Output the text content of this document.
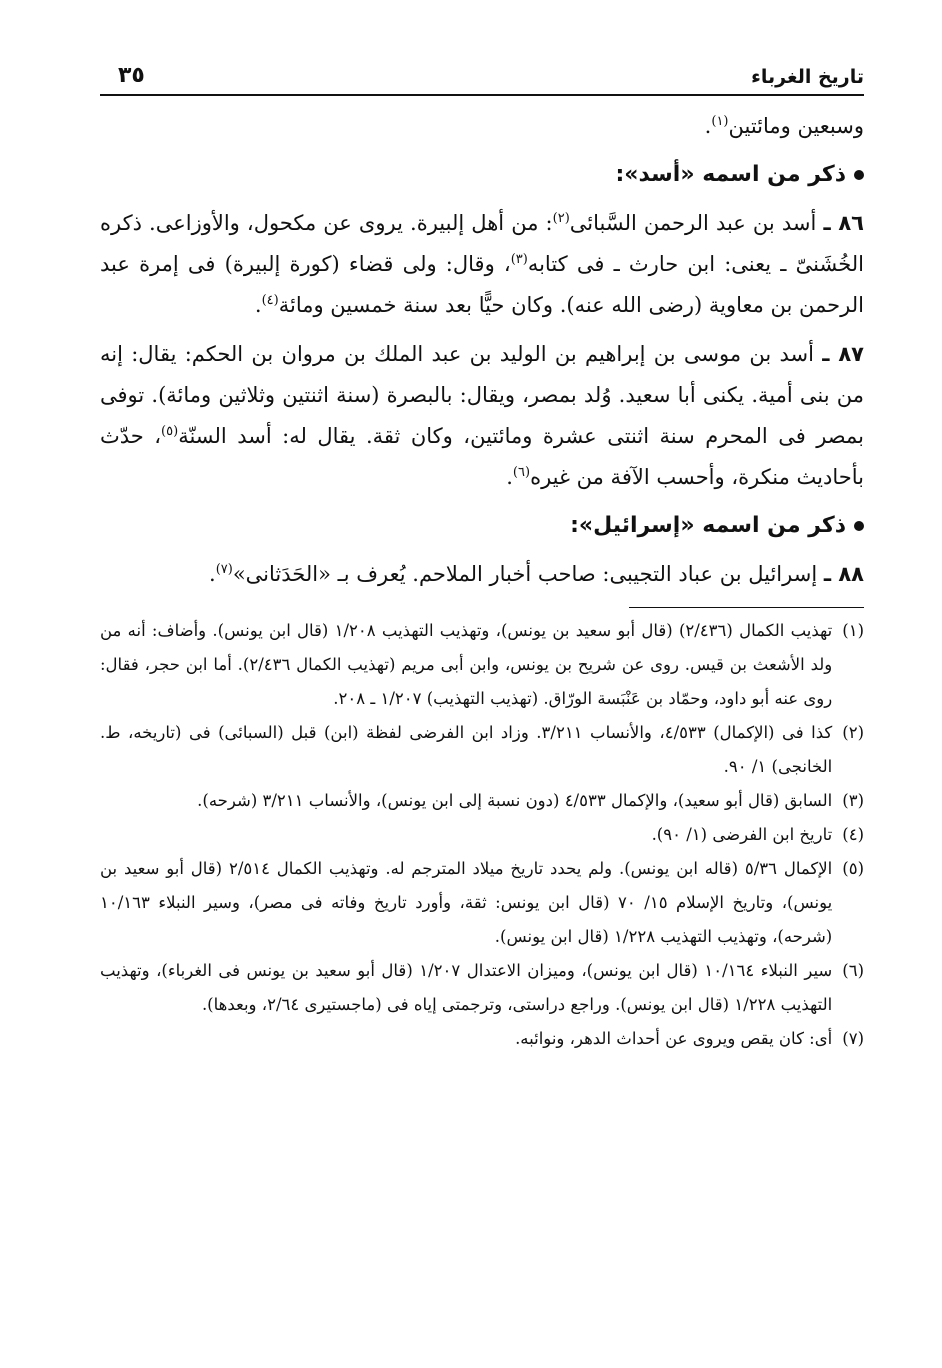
تاريخ الغرباء
٣٥

وسبعين ومائتين$^{(١)}$.

ذكر من اسمه «أسد»:

٨٦ ـ أسد بن عبد الرحمن السَّبائى$^{(٢)}$: من أهل إلبيرة. يروى عن مكحول، والأوزاعى. ذكره الخُشَنىّ ـ يعنى: ابن حارث ـ فى كتابه$^{(٣)}$، وقال: ولى قضاء (كورة إلبيرة) فى إمرة عبد الرحمن بن معاوية (رضى الله عنه). وكان حيًّا بعد سنة خمسين ومائة$^{(٤)}$.

٨٧ ـ أسد بن موسى بن إبراهيم بن الوليد بن عبد الملك بن مروان بن الحكم: يقال: إنه من بنى أمية. يكنى أبا سعيد. وُلد بمصر، ويقال: بالبصرة (سنة اثنتين وثلاثين ومائة). توفى بمصر فى المحرم سنة اثنتى عشرة ومائتين، وكان ثقة. يقال له: أسد السنّة$^{(٥)}$، حدّث بأحاديث منكرة، وأحسب الآفة من غيره$^{(٦)}$.

ذكر من اسمه «إسرائيل»:

٨٨ ـ إسرائيل بن عباد التجيبى: صاحب أخبار الملاحم. يُعرف بـ «الحَدَثانى»$^{(٧)}$.

(١)
تهذيب الكمال (٢/٤٣٦) (قال أبو سعيد بن يونس)، وتهذيب التهذيب ١/٢٠٨ (قال ابن يونس). وأضاف: أنه من ولد الأشعث بن قيس. روى عن شريح بن يونس، وابن أبى مريم (تهذيب الكمال ٢/٤٣٦). أما ابن حجر، فقال: روى عنه أبو داود، وحمّاد بن عَنْبَسة الورّاق. (تهذيب التهذيب) ١/٢٠٧ ـ ٢٠٨.

(٢)
كذا فى (الإكمال) ٤/٥٣٣، والأنساب ٣/٢١١. وزاد ابن الفرضى لفظة (ابن) قبل (السبائى) فى (تاريخه، ط. الخانجى) ١/ ٩٠.

(٣)
السابق (قال أبو سعيد)، والإكمال ٤/٥٣٣ (دون نسبة إلى ابن يونس)، والأنساب ٣/٢١١ (شرحه).

(٤)
تاريخ ابن الفرضى (١/ ٩٠).

(٥)
الإكمال ٥/٣٦ (قاله ابن يونس). ولم يحدد تاريخ ميلاد المترجم له. وتهذيب الكمال ٢/٥١٤ (قال أبو سعيد بن يونس)، وتاريخ الإسلام ١٥/ ٧٠ (قال ابن يونس: ثقة، وأورد تاريخ وفاته فى مصر)، وسير النبلاء ١٠/١٦٣ (شرحه)، وتهذيب التهذيب ١/٢٢٨ (قال ابن يونس).

(٦)
سير النبلاء ١٠/١٦٤ (قال ابن يونس)، وميزان الاعتدال ١/٢٠٧ (قال أبو سعيد بن يونس فى الغرباء)، وتهذيب التهذيب ١/٢٢٨ (قال ابن يونس). وراجع دراستى، وترجمتى إياه فى (ماجستيرى ٢/٦٤، وبعدها).

(٧)
أى: كان يقص ويروى عن أحداث الدهر، ونوائبه.
